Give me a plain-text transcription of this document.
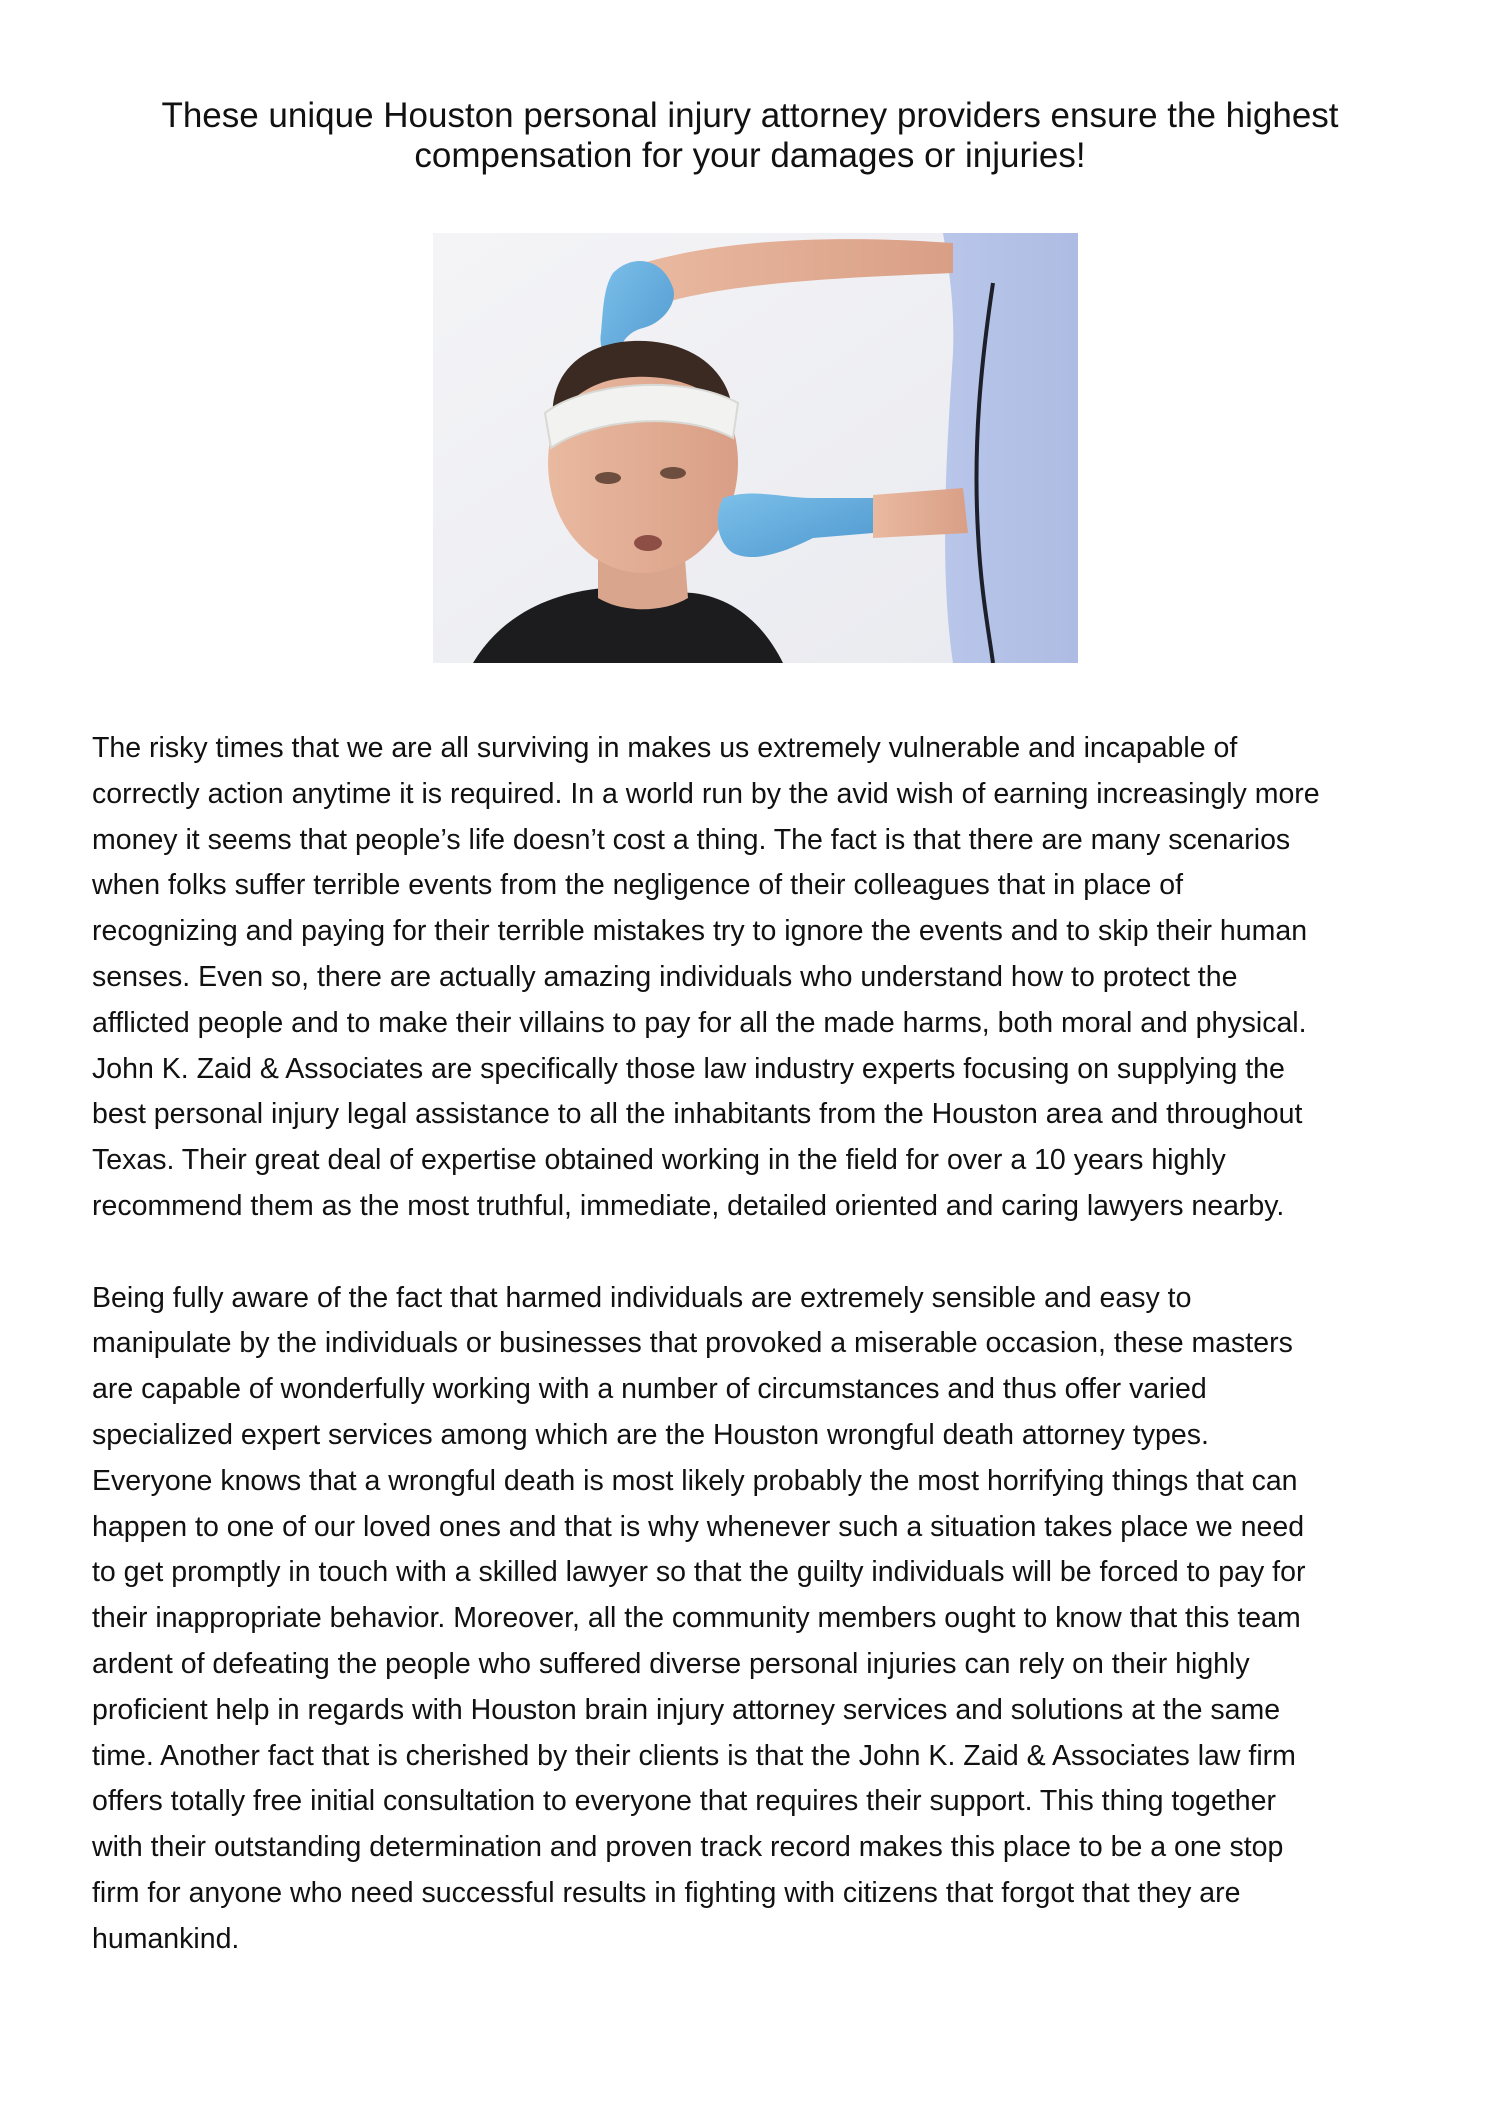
These unique Houston personal injury attorney providers ensure the highest
compensation for your damages or injuries!

The risky times that we are all surviving in makes us extremely vulnerable and incapable of
correctly action anytime it is required. In a world run by the avid wish of earning increasingly more
money it seems that people’s life doesn’t cost a thing. The fact is that there are many scenarios
when folks suffer terrible events from the negligence of their colleagues that in place of
recognizing and paying for their terrible mistakes try to ignore the events and to skip their human
senses. Even so, there are actually amazing individuals who understand how to protect the
afflicted people and to make their villains to pay for all the made harms, both moral and physical.
John K. Zaid & Associates are specifically those law industry experts focusing on supplying the
best personal injury legal assistance to all the inhabitants from the Houston area and throughout
Texas. Their great deal of expertise obtained working in the field for over a 10 years highly
recommend them as the most truthful, immediate, detailed oriented and caring lawyers nearby.

Being fully aware of the fact that harmed individuals are extremely sensible and easy to
manipulate by the individuals or businesses that provoked a miserable occasion, these masters
are capable of wonderfully working with a number of circumstances and thus offer varied
specialized expert services among which are the Houston wrongful death attorney types.
Everyone knows that a wrongful death is most likely probably the most horrifying things that can
happen to one of our loved ones and that is why whenever such a situation takes place we need
to get promptly in touch with a skilled lawyer so that the guilty individuals will be forced to pay for
their inappropriate behavior. Moreover, all the community members ought to know that this team
ardent of defeating the people who suffered diverse personal injuries can rely on their highly
proficient help in regards with Houston brain injury attorney services and solutions at the same
time. Another fact that is cherished by their clients is that the John K. Zaid & Associates law firm
offers totally free initial consultation to everyone that requires their support. This thing together
with their outstanding determination and proven track record makes this place to be a one stop
firm for anyone who need successful results in fighting with citizens that forgot that they are
humankind.
